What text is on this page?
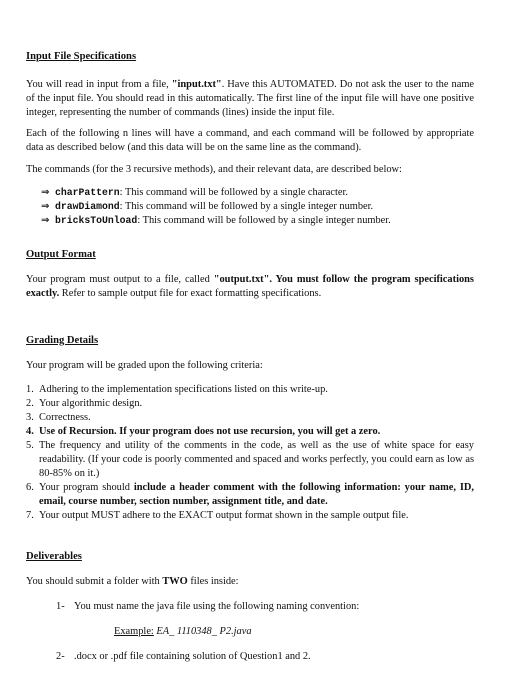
Input File Specifications

You will read in input from a file, "input.txt". Have this AUTOMATED. Do not ask the user to the name of the input file. You should read in this automatically. The first line of the input file will have one positive integer, representing the number of commands (lines) inside the input file.

Each of the following n lines will have a command, and each command will be followed by appropriate data as described below (and this data will be on the same line as the command).

The commands (for the 3 recursive methods), and their relevant data, are described below:

⇒ charPattern : This command will be followed by a single character.
⇒ drawDiamond : This command will be followed by a single integer number.
⇒ bricksToUnload : This command will be followed by a single integer number.
Output Format

Your program must output to a file, called "output.txt". You must follow the program specifications exactly. Refer to sample output file for exact formatting specifications.

Grading Details

Your program will be graded upon the following criteria:

1. Adhering to the implementation specifications listed on this write-up.
2. Your algorithmic design.
3. Correctness.
4. Use of Recursion. If your program does not use recursion, you will get a zero.
5. The frequency and utility of the comments in the code, as well as the use of white space for easy readability. (If your code is poorly commented and spaced and works perfectly, you could earn as low as 80-85% on it.)
6. Your program should include a header comment with the following information: your name, ID, email, course number, section number, assignment title, and date.
7. Your output MUST adhere to the EXACT output format shown in the sample output file.
Deliverables

You should submit a folder with TWO files inside:

1- You must name the java file using the following naming convention:
Example: EA_ 1110348_ P2.java
2- .docx or .pdf file containing solution of Question1 and 2.
